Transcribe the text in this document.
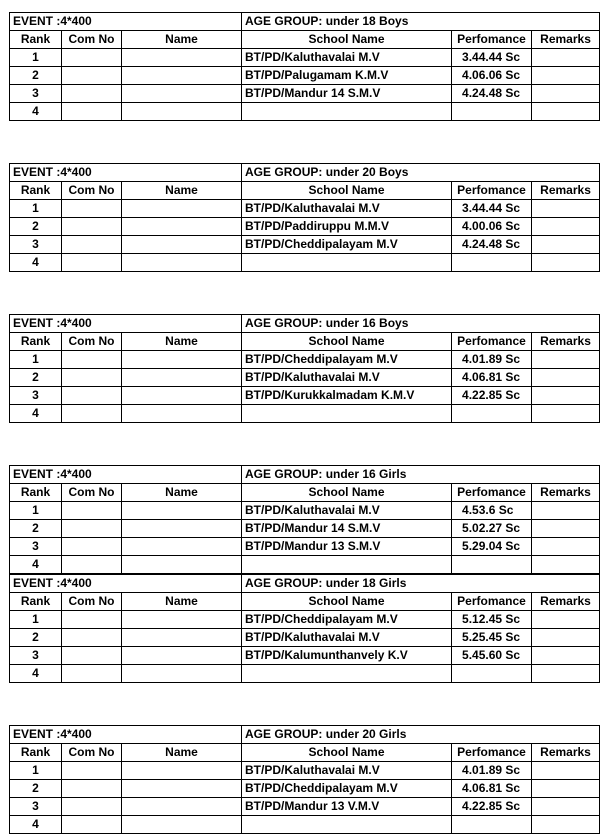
EVENT :4*400			AGE GROUP: under 18 Boys		
Rank	Com No	Name	School Name	Perfomance	Remarks
1			BT/PD/Kaluthavalai M.V	3.44.44 Sc	
2			BT/PD/Palugamam K.M.V	4.06.06 Sc	
3			BT/PD/Mandur 14 S.M.V	4.24.48 Sc	
4					
EVENT :4*400			AGE GROUP: under 20 Boys		
Rank	Com No	Name	School Name	Perfomance	Remarks
1			BT/PD/Kaluthavalai M.V	3.44.44 Sc	
2			BT/PD/Paddiruppu M.M.V	4.00.06 Sc	
3			BT/PD/Cheddipalayam M.V	4.24.48 Sc	
4					
EVENT :4*400			AGE GROUP: under 16 Boys		
Rank	Com No	Name	School Name	Perfomance	Remarks
1			BT/PD/Cheddipalayam M.V	4.01.89 Sc	
2			BT/PD/Kaluthavalai M.V	4.06.81 Sc	
3			BT/PD/Kurukkalmadam K.M.V	4.22.85 Sc	
4					
EVENT :4*400			AGE GROUP: under 16 Girls		
Rank	Com No	Name	School Name	Perfomance	Remarks
1			BT/PD/Kaluthavalai M.V	4.53.6 Sc	
2			BT/PD/Mandur 14 S.M.V	5.02.27 Sc	
3			BT/PD/Mandur 13 S.M.V	5.29.04 Sc	
4					
EVENT :4*400			AGE GROUP: under 18 Girls		
Rank	Com No	Name	School Name	Perfomance	Remarks
1			BT/PD/Cheddipalayam M.V	5.12.45 Sc	
2			BT/PD/Kaluthavalai M.V	5.25.45 Sc	
3			BT/PD/Kalumunthanvely K.V	5.45.60 Sc	
4					
EVENT :4*400			AGE GROUP: under 20 Girls		
Rank	Com No	Name	School Name	Perfomance	Remarks
1			BT/PD/Kaluthavalai M.V	4.01.89 Sc	
2			BT/PD/Cheddipalayam M.V	4.06.81 Sc	
3			BT/PD/Mandur 13 V.M.V	4.22.85 Sc	
4					
